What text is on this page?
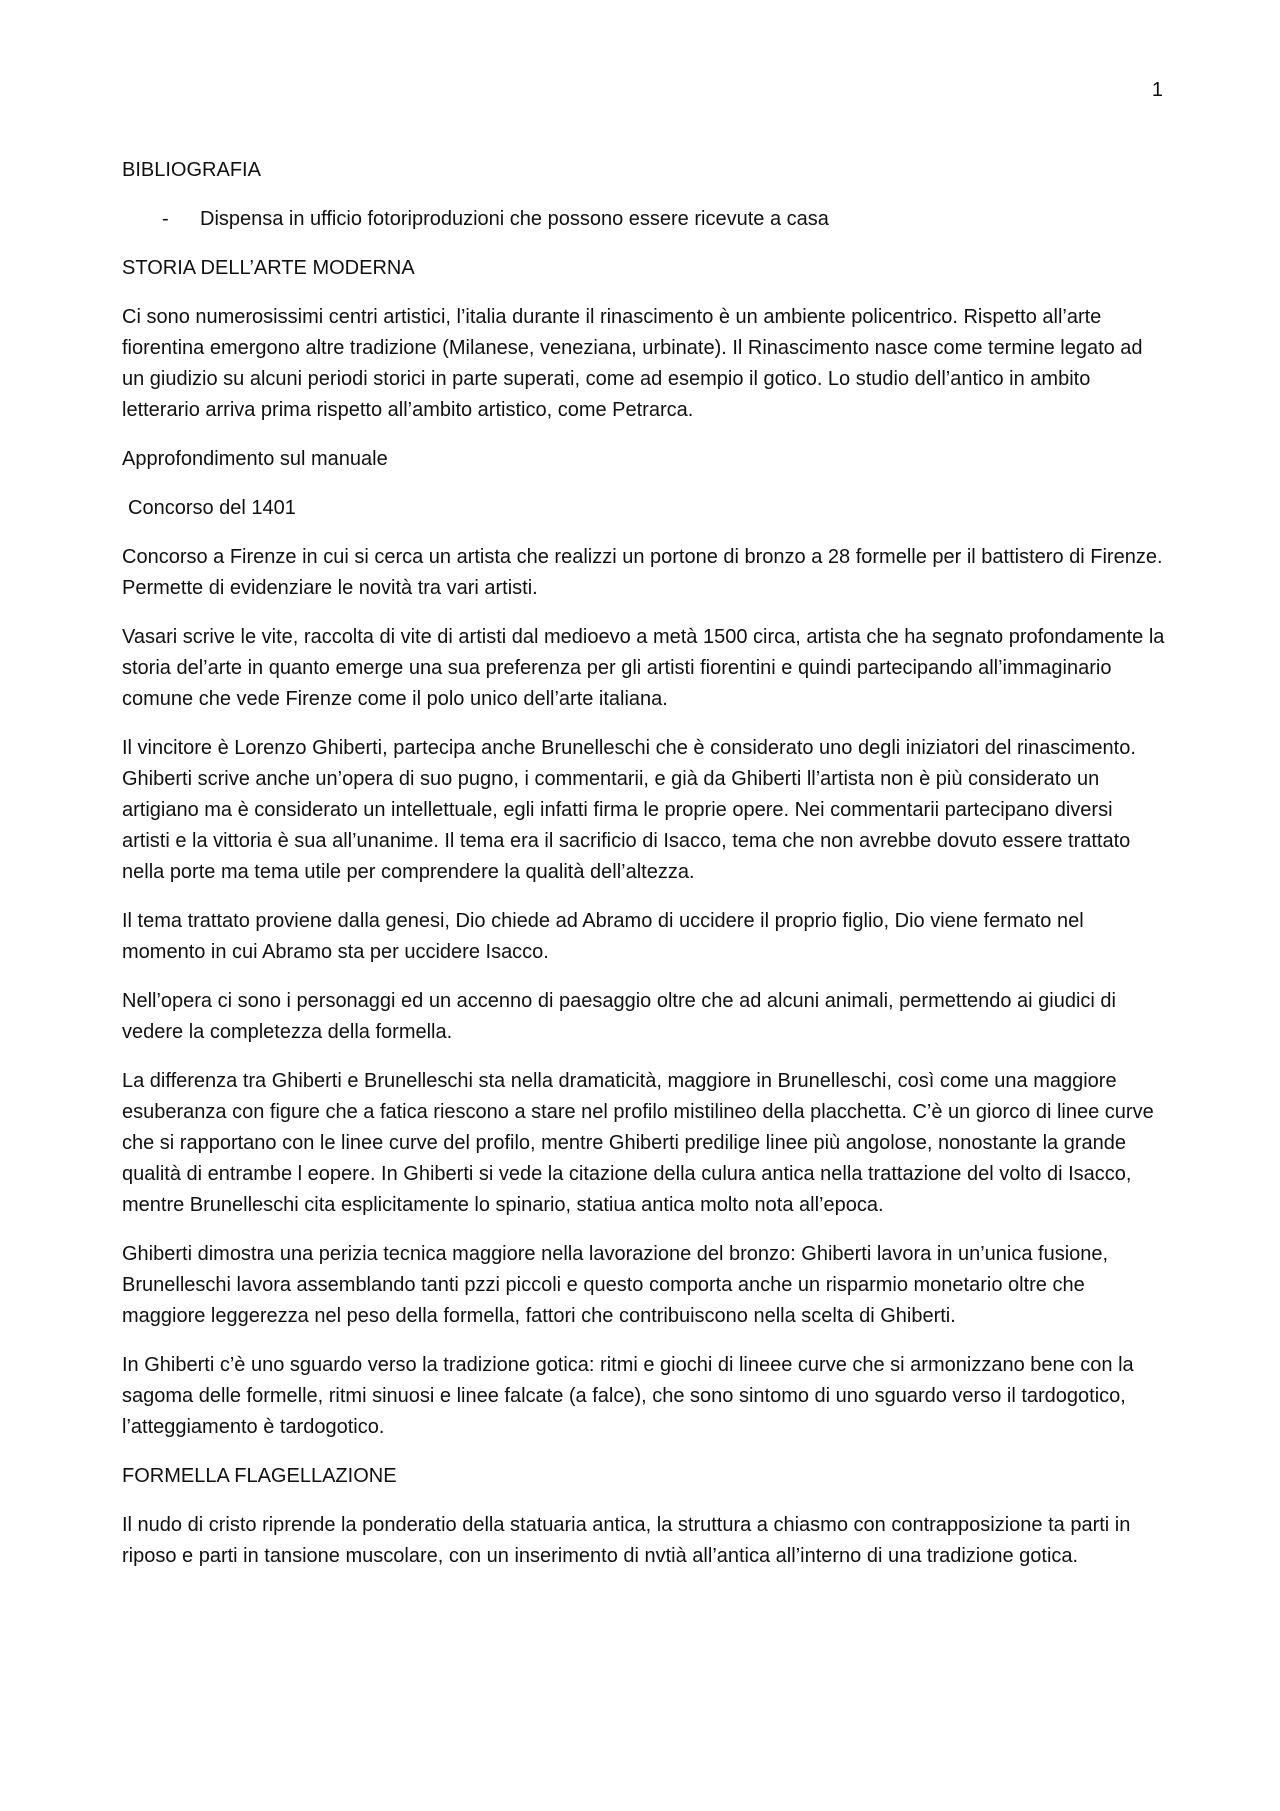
1

BIBLIOGRAFIA

- Dispensa in ufficio fotoriproduzioni che possono essere ricevute a casa

STORIA DELL’ARTE MODERNA

Ci sono numerosissimi centri artistici, l’italia durante il rinascimento è un ambiente policentrico. Rispetto all’arte fiorentina emergono altre tradizione (Milanese, veneziana, urbinate). Il Rinascimento nasce come termine legato ad un giudizio su alcuni periodi storici in parte superati, come ad esempio il gotico. Lo studio dell’antico in ambito letterario arriva prima rispetto all’ambito artistico, come Petrarca.

Approfondimento sul manuale

Concorso del 1401

Concorso a Firenze in cui si cerca un artista che realizzi un portone di bronzo a 28 formelle per il battistero di Firenze. Permette di evidenziare le novità tra vari artisti.

Vasari scrive le vite, raccolta di vite di artisti dal medioevo a metà 1500 circa, artista che ha segnato profondamente la storia del’arte in quanto emerge una sua preferenza per gli artisti fiorentini e quindi partecipando all’immaginario comune che vede Firenze come il polo unico dell’arte italiana.

Il vincitore è Lorenzo Ghiberti, partecipa anche Brunelleschi che è considerato uno degli iniziatori del rinascimento. Ghiberti scrive anche un’opera di suo pugno, i commentarii, e già da Ghiberti ll’artista non è più considerato un artigiano ma è considerato un intellettuale, egli infatti firma le proprie opere. Nei commentarii partecipano diversi artisti e la vittoria è sua all’unanime. Il tema era il sacrificio di Isacco, tema che non avrebbe dovuto essere trattato nella porte ma tema utile per comprendere la qualità dell’altezza.

Il tema trattato proviene dalla genesi, Dio chiede ad Abramo di uccidere il proprio figlio, Dio viene fermato nel momento in cui Abramo sta per uccidere Isacco.

Nell’opera ci sono i personaggi ed un accenno di paesaggio oltre che ad alcuni animali, permettendo ai giudici di vedere la completezza della formella.

La differenza tra Ghiberti e Brunelleschi sta nella dramaticità, maggiore in Brunelleschi, così come una maggiore esuberanza con figure che a fatica riescono a stare nel profilo mistilineo della placchetta. C’è un giorco di linee curve che si rapportano con le linee curve del profilo, mentre Ghiberti predilige linee più angolose, nonostante la grande qualità di entrambe l eopere. In Ghiberti si vede la citazione della culura antica nella trattazione del volto di Isacco, mentre Brunelleschi cita esplicitamente lo spinario, statiua antica molto nota all’epoca.

Ghiberti dimostra una perizia tecnica maggiore nella lavorazione del bronzo: Ghiberti lavora in un’unica fusione, Brunelleschi lavora assemblando tanti pzzi piccoli e questo comporta anche un risparmio monetario oltre che maggiore leggerezza nel peso della formella, fattori che contribuiscono nella scelta di Ghiberti.

In Ghiberti c’è uno sguardo verso la tradizione gotica: ritmi e giochi di lineee curve che si armonizzano bene con la sagoma delle formelle, ritmi sinuosi e linee falcate (a falce), che sono sintomo di uno sguardo verso il tardogotico, l’atteggiamento è tardogotico.

FORMELLA FLAGELLAZIONE

Il nudo di cristo riprende la ponderatio della statuaria antica, la struttura a chiasmo con contrapposizione ta parti in riposo e parti in tansione muscolare, con un inserimento di nvtià all’antica all’interno di una tradizione gotica.
